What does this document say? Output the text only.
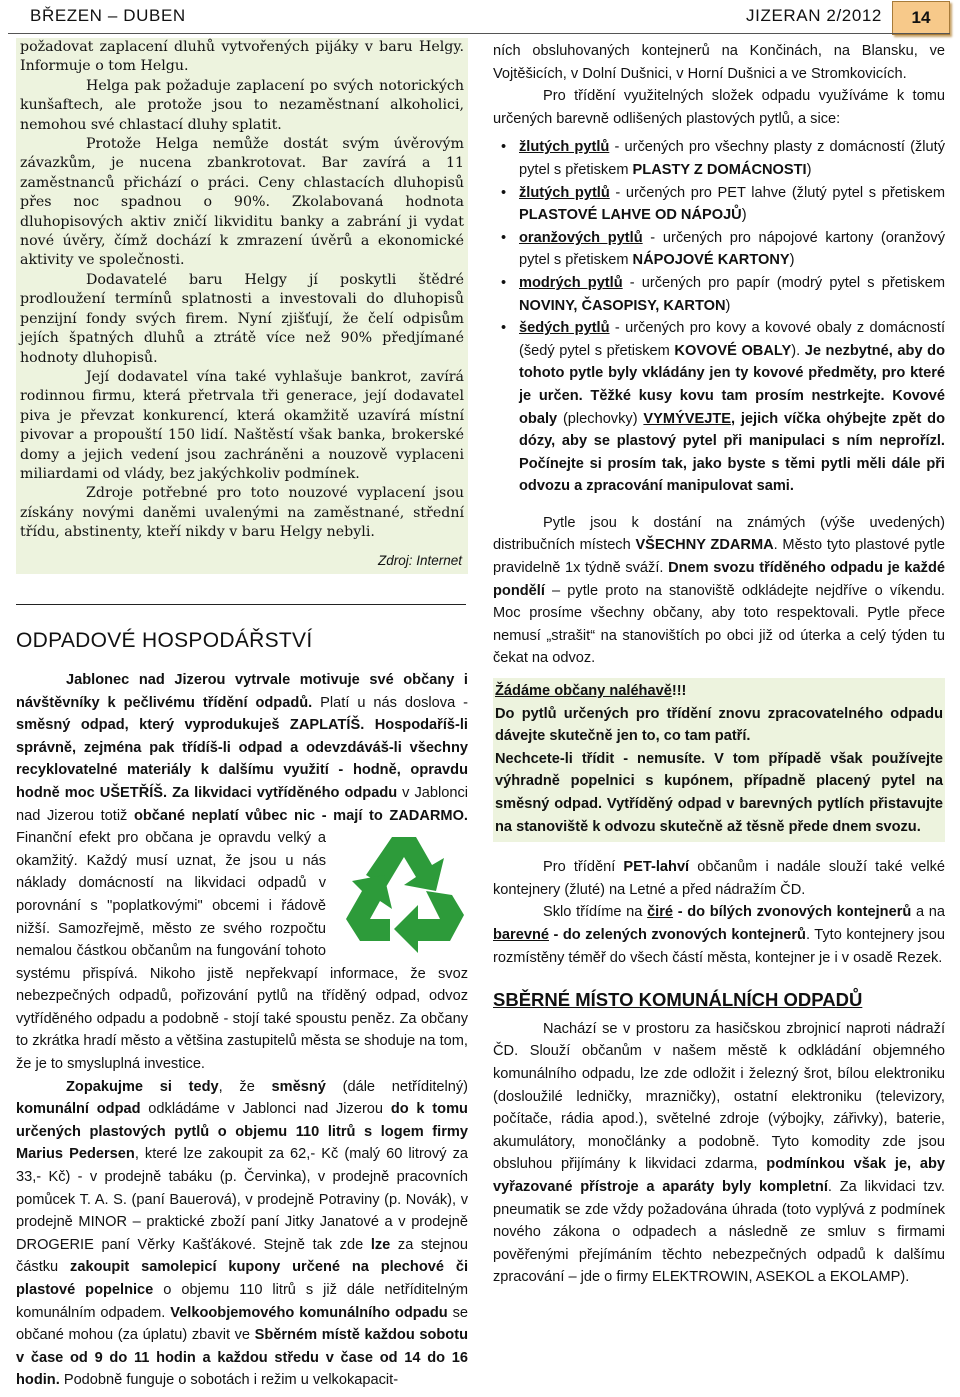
BŘEZEN – DUBEN	JIZERAN 2/2012	14

požadovat zaplacení dluhů vytvořených pijáky v baru Helgy. Informuje o tom Helgu.

Helga pak požaduje zaplacení po svých notorických kunšaftech, ale protože jsou to nezaměstnaní alkoholici, nemohou své chlastací dluhy splatit.

Protože Helga nemůže dostát svým úvěrovým závazkům, je nucena zbankrotovat. Bar zavírá a 11 zaměstnanců přichází o práci. Ceny chlastacích dluhopisů přes noc spadnou o 90%. Zkolabovaná hodnota dluhopisových aktiv zničí likviditu banky a zabrání ji vydat nové úvěry, čímž dochází k zmrazení úvěrů a ekonomické aktivity ve společnosti.

Dodavatelé baru Helgy jí poskytli štědré prodloužení termínů splatnosti a investovali do dluhopisů penzijní fondy svých firem. Nyní zjišťují, že čelí odpisům jejích špatných dluhů a ztrátě více než 90% předjímané hodnoty dluhopisů.

Její dodavatel vína také vyhlašuje bankrot, zavírá rodinnou firmu, která přetrvala tři generace, její dodavatel piva je převzat konkurencí, která okamžitě uzavírá místní pivovar a propouští 150 lidí. Naštěstí však banka, brokerské domy a jejich vedení jsou zachráněni a nouzově vyplaceni miliardami od vlády, bez jakýchkoliv podmínek.

Zdroje potřebné pro toto nouzové vyplacení jsou získány novými daněmi uvalenými na zaměstnané, střední třídu, abstinenty, kteří nikdy v baru Helgy nebyli.

Zdroj: Internet
ODPADOVÉ HOSPODÁŘSTVÍ

Jablonec nad Jizerou vytrvale motivuje své občany i návštěvníky k pečlivému třídění odpadů. Platí u nás doslova - směsný odpad, který vyprodukuješ ZAPLATÍŠ. Hospodaříš-li správně, zejména pak třídíš-li odpad a odevzdáváš-li všechny recyklovatelné materiály k dalšímu využití - hodně, opravdu hodně moc UŠETŘÍŠ. Za likvidaci vytříděného odpadu v Jablonci nad Jizerou totiž občané neplatí vůbec nic - mají to ZADARMO.
Finanční efekt pro občana je opravdu velký a okamžitý. Každý musí uznat, že jsou u nás náklady domácností na likvidaci odpadů v porovnání s "poplatkovými" obcemi i řádově nižší. Samozřejmě, město ze svého rozpočtu nemalou částkou občanům na fungování tohoto systému přispívá. Nikoho jistě nepřekvapí informace, že svoz nebezpečných odpadů, pořizování pytlů na tříděný odpad, odvoz vytříděného odpadu a podobně - stojí také spoustu peněz. Za občany to zkrátka hradí město a většina zastupitelů města se shoduje na tom, že je to smysluplná investice.

Zopakujme si tedy, že směsný (dále netříditelný) komunální odpad odkládáme v Jablonci nad Jizerou do k tomu určených plastových pytlů o objemu 110 litrů s logem firmy Marius Pedersen, které lze zakoupit za 62,- Kč (malý 60 litrový za 33,- Kč) - v prodejně tabáku (p. Červinka), v prodejně pracovních pomůcek T. A. S. (paní Bauerová), v prodejně Potraviny (p. Novák), v prodejně MINOR – praktické zboží paní Jitky Janatové a v prodejně DROGERIE paní Věrky Kašťákové. Stejně tak zde lze za stejnou částku zakoupit samolepicí kupony určené na plechové či plastové popelnice o objemu 110 litrů s již dále netříditelným komunálním odpadem. Velkoobjemového komunálního odpadu se občané mohou (za úplatu) zbavit ve Sběrném místě každou sobotu v čase od 9 do 11 hodin a každou středu v čase od 14 do 16 hodin. Podobně funguje o sobotách i režim u velkokapacit-

ních obsluhovaných kontejnerů na Končinách, na Blansku, ve Vojtěšicích, v Dolní Dušnici, v Horní Dušnici a ve Stromkovicích.

Pro třídění využitelných složek odpadu využíváme k tomu určených barevně odlišených plastových pytlů, a sice:

• žlutých pytlů - určených pro všechny plasty z domácností (žlutý pytel s přetiskem PLASTY Z DOMÁCNOSTI)
• žlutých pytlů - určených pro PET lahve (žlutý pytel s přetiskem PLASTOVÉ LAHVE OD NÁPOJŮ)
• oranžových pytlů - určených pro nápojové kartony (oranžový pytel s přetiskem NÁPOJOVÉ KARTONY)
• modrých pytlů - určených pro papír (modrý pytel s přetiskem NOVINY, ČASOPISY, KARTON)
• šedých pytlů - určených pro kovy a kovové obaly z domácností (šedý pytel s přetiskem KOVOVÉ OBALY). Je nezbytné, aby do tohoto pytle byly vkládány jen ty kovové předměty, pro které je určen. Těžké kusy kovu tam prosím nestrkejte. Kovové obaly (plechovky) VYMÝVEJTE, jejich víčka ohýbejte zpět do dózy, aby se plastový pytel při manipulaci s ním neprořízl. Počínejte si prosím tak, jako byste s těmi pytli měli dále při odvozu a zpracování manipulovat sami.

Pytle jsou k dostání na známých (výše uvedených) distribučních místech VŠECHNY ZDARMA. Město tyto plastové pytle pravidelně 1x týdně sváží. Dnem svozu tříděného odpadu je každé pondělí – pytle proto na stanoviště odkládejte nejdříve o víkendu. Moc prosíme všechny občany, aby toto respektovali. Pytle přece nemusí „strašit“ na stanovištích po obci již od úterka a celý týden tu čekat na odvoz.

Žádáme občany naléhavě!!!
Do pytlů určených pro třídění znovu zpracovatelného odpadu dávejte skutečně jen to, co tam patří.
Nechcete-li třídit - nemusíte. V tom případě však používejte výhradně popelnici s kupónem, případně placený pytel na směsný odpad. Vytříděný odpad v barevných pytlích přistavujte na stanoviště k odvozu skutečně až těsně přede dnem svozu.

Pro třídění PET-lahví občanům i nadále slouží také velké kontejnery (žluté) na Letné a před nádražím ČD.

Sklo třídíme na čiré - do bílých zvonových kontejnerů a na barevné - do zelených zvonových kontejnerů. Tyto kontejnery jsou rozmístěny téměř do všech částí města, kontejner je i v osadě Rezek.

SBĚRNÉ MÍSTO KOMUNÁLNÍCH ODPADŮ

Nachází se v prostoru za hasičskou zbrojnicí naproti nádraží ČD. Slouží občanům v našem městě k odkládání objemného komunálního odpadu, lze zde odložit i železný šrot, bílou elektroniku (dosloužilé ledničky, mrazničky), ostatní elektroniku (televizory, počítače, rádia apod.), světelné zdroje (výbojky, zářivky), baterie, akumulátory, monočlánky a podobně. Tyto komodity zde jsou obsluhou přijímány k likvidaci zdarma, podmínkou však je, aby vyřazované přístroje a aparáty byly kompletní. Za likvidaci tzv. pneumatik se zde vždy požadována úhrada (toto vyplývá z podmínek nového zákona o odpadech a následně ze smluv s firmami pověřenými přejímáním těchto nebezpečných odpadů k dalšímu zpracování – jde o firmy ELEKTROWIN, ASEKOL a EKOLAMP).
